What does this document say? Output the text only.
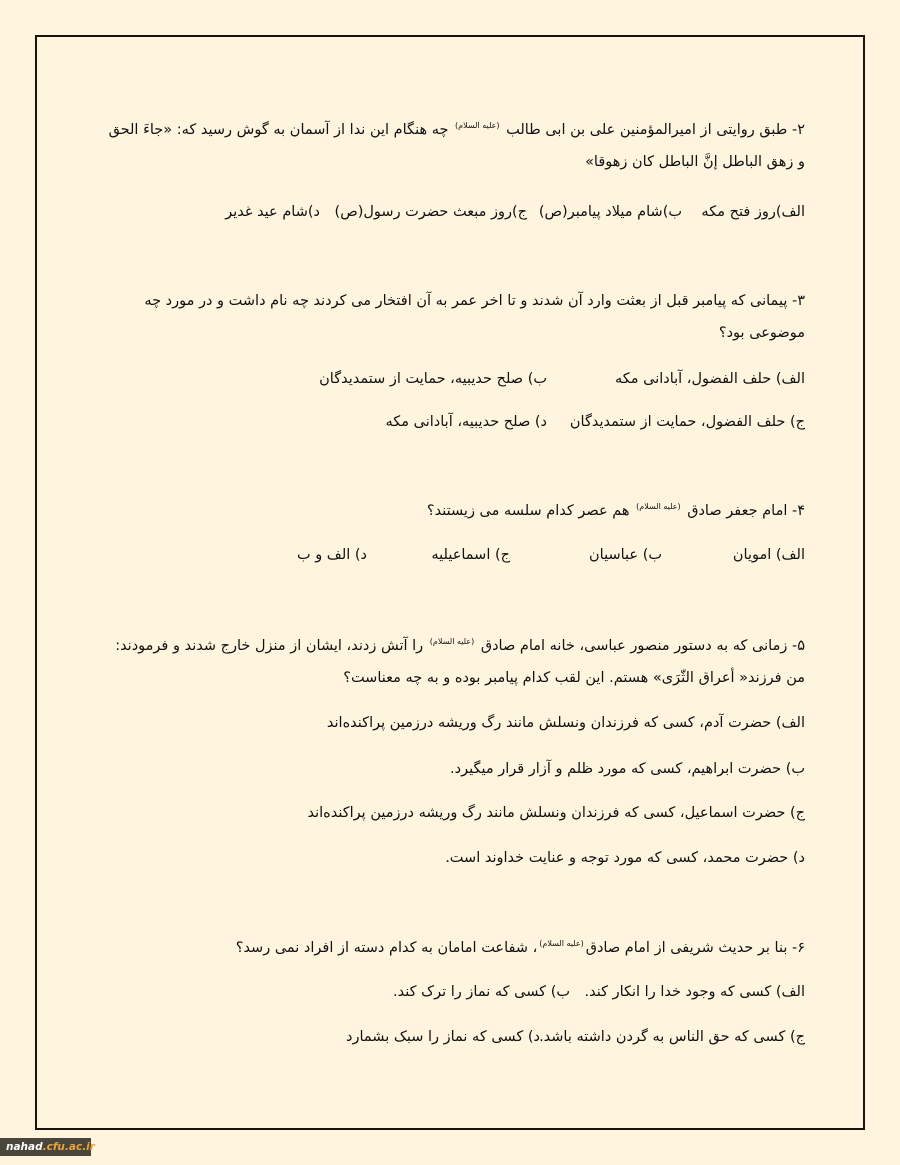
۲- طبق روایتی از امیرالمؤمنین علی بن ابی طالب $^{(علیه السلام)}$ چه هنگام این ندا از آسمان به گوش رسید که: «جاءَ الحق
و زهق الباطل إنَّ الباطل کان زهوقا»
الف)روز فتح مکه
ب)شام میلاد پیامبر(ص)
ج)روز مبعث حضرت رسول(ص)
د)شام عید غدیر
۳- پیمانی که پیامبر قبل از بعثت وارد آن شدند و تا اخر عمر به آن افتخار می کردند چه نام داشت و در مورد چه
موضوعی بود؟
الف) حلف الفضول، آبادانی مکه
ب) صلح حدیبیه، حمایت از ستمدیدگان
ج) حلف الفضول، حمایت از ستمدیدگان
د) صلح حدیبیه، آبادانی مکه
۴- امام جعفر صادق $^{(علیه السلام)}$ هم عصر کدام سلسه می زیستند؟
الف) امویان
ب) عباسیان
ج) اسماعیلیه
د) الف و ب
۵- زمانی که به دستور منصور عباسی، خانه امام صادق $^{(علیه السلام)}$ را آتش زدند، ایشان از منزل خارج شدند و فرمودند:
من فرزند« أعراق الثّرَی» هستم. این لقب کدام پیامبر بوده و به چه معناست؟
الف) حضرت آدم، کسی که فرزندان ونسلش مانند رگ وریشه درزمین پراکنده‌اند
ب) حضرت ابراهیم، کسی که مورد ظلم و آزار قرار میگیرد.
ج) حضرت اسماعیل، کسی که فرزندان ونسلش مانند رگ وریشه درزمین پراکنده‌اند
د) حضرت محمد، کسی که مورد توجه و عنایت خداوند است.
۶- بنا بر حدیث شریفی از امام صادق$^{(علیه السلام)}$، شفاعت امامان به کدام دسته از افراد نمی رسد؟
الف) کسی که وجود خدا را انکار کند.
ب) کسی که نماز را ترک کند.
ج) کسی که حق الناس به گردن داشته باشد.
د) کسی که نماز را سبک بشمارد
nahad.cfu.ac.ir
